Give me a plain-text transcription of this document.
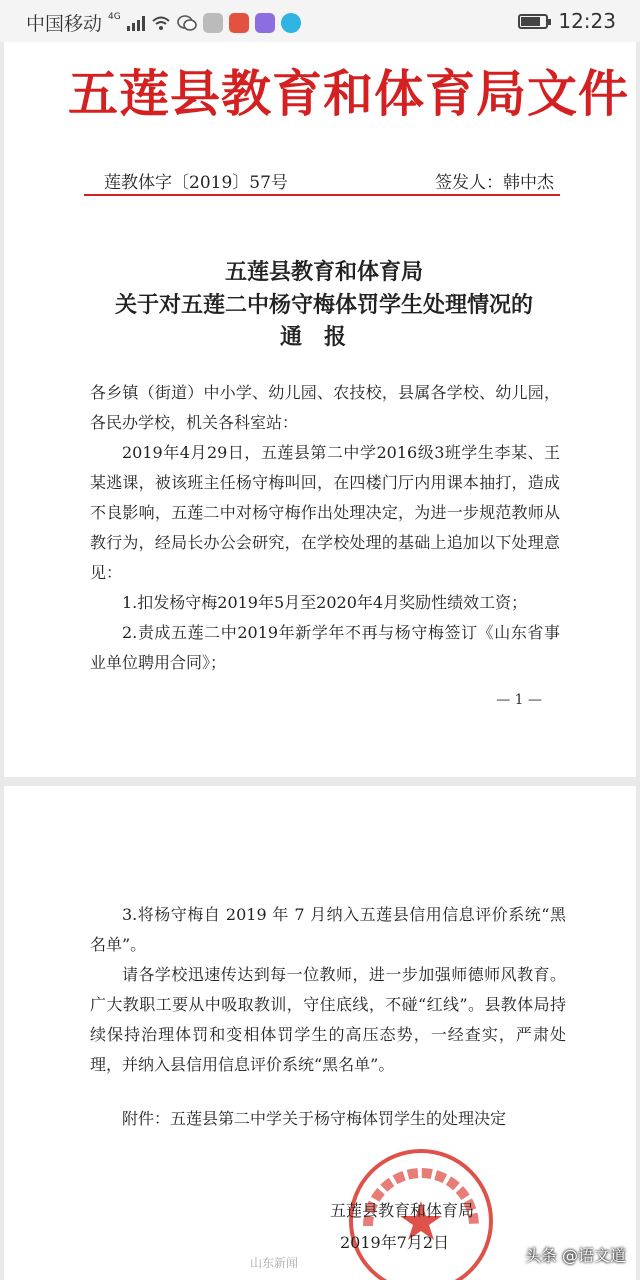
中国移动 4G	12:23
五莲县教育和体育局文件
莲教体字〔2019〕57号	签发人：韩中杰
五莲县教育和体育局
关于对五莲二中杨守梅体罚学生处理情况的
通报

各乡镇（街道）中小学、幼儿园、农技校，县属各学校、幼儿园，各民办学校，机关各科室站：

2019年4月29日，五莲县第二中学2016级3班学生李某、王某逃课，被该班主任杨守梅叫回，在四楼门厅内用课本抽打，造成不良影响，五莲二中对杨守梅作出处理决定，为进一步规范教师从教行为，经局长办公会研究，在学校处理的基础上追加以下处理意见：

1.扣发杨守梅2019年5月至2020年4月奖励性绩效工资；

2.责成五莲二中2019年新学年不再与杨守梅签订《山东省事业单位聘用合同》；

— 1 —

3.将杨守梅自 2019 年 7 月纳入五莲县信用信息评价系统“黑名单”。

请各学校迅速传达到每一位教师，进一步加强师德师风教育。广大教职工要从中吸取教训，守住底线，不碰“红线”。县教体局持续保持治理体罚和变相体罚学生的高压态势，一经查实，严肃处理，并纳入县信用信息评价系统“黑名单”。

附件：五莲县第二中学关于杨守梅体罚学生的处理决定
五莲县教育和体育局
2019年7月2日
山东新闻	头条 @语文道
